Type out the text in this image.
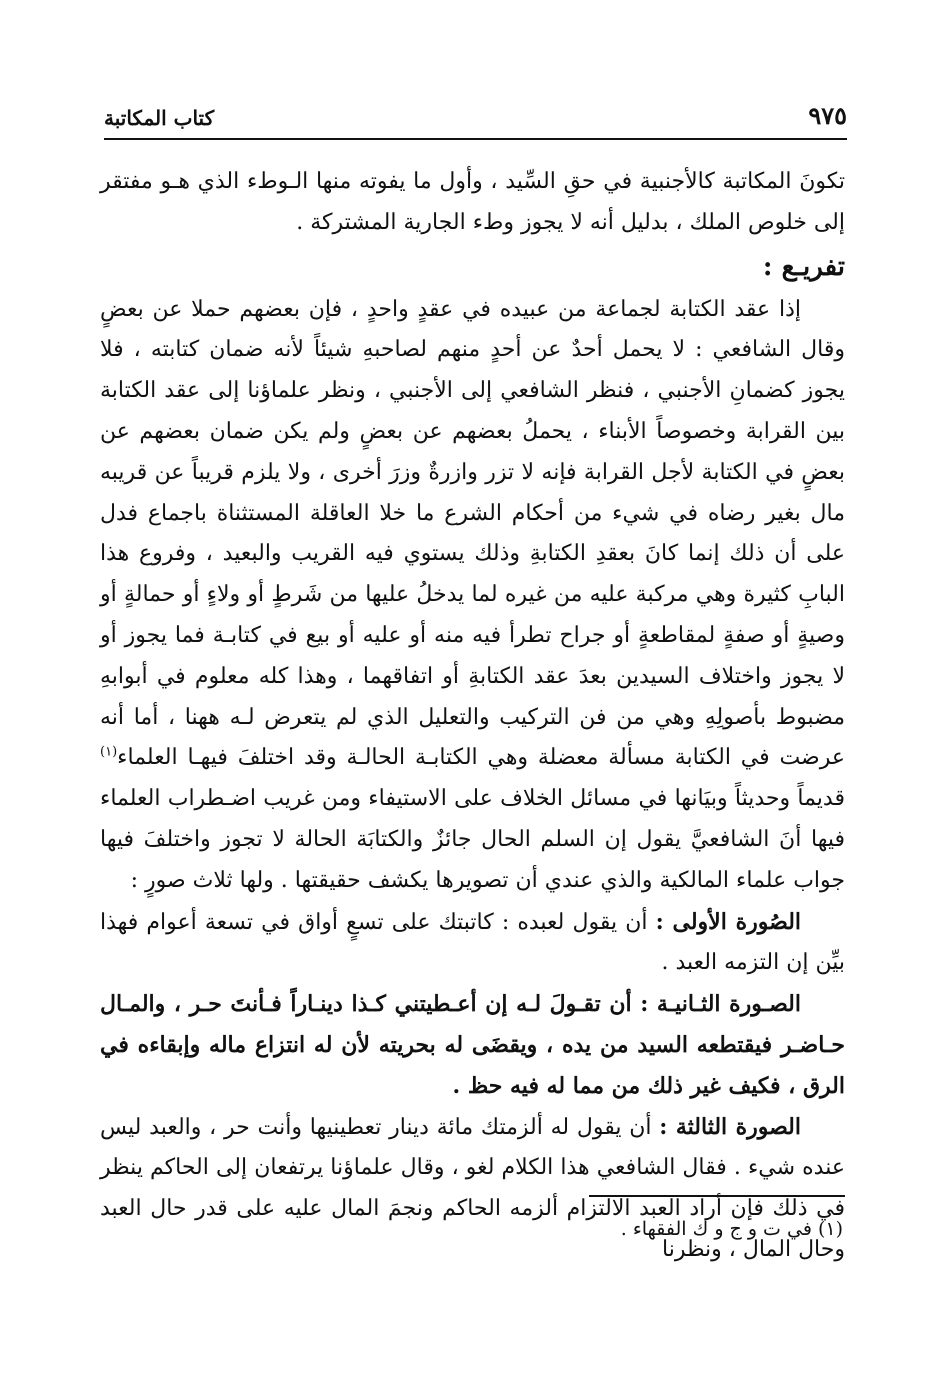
٩٧٥
كتاب المكاتبة

تكونَ المكاتبة كالأجنبية في حقِ السِّيد ، وأول ما يفوته منها الـوطء الذي هـو مفتقر إلى خلوص الملك ، بدليل أنه لا يجوز وطء الجارية المشتركة .

تفريـع :

إذا عقد الكتابة لجماعة من عبيده في عقدٍ واحدٍ ، فإن بعضهم حملا عن بعضٍ وقال الشافعي : لا يحمل أحدٌ عن أحدٍ منهم لصاحبهِ شيئاً لأنه ضمان كتابته ، فلا يجوز كضمانِ الأجنبي ، فنظر الشافعي إلى الأجنبي ، ونظر علماؤنا إلى عقد الكتابة بين القرابة وخصوصاً الأبناء ، يحملُ بعضهم عن بعضٍ ولم يكن ضمان بعضهم عن بعضٍ في الكتابة لأجل القرابة فإنه لا تزر وازرةٌ وزرَ أخرى ، ولا يلزم قريباً عن قريبه مال بغير رضاه في شيء من أحكام الشرع ما خلا العاقلة المستثناة باجماع فدل على أن ذلك إنما كانَ بعقدِ الكتابةِ وذلك يستوي فيه القريب والبعيد ، وفروع هذا البابِ كثيرة وهي مركبة عليه من غيره لما يدخلُ عليها من شَرطٍ أو ولاءٍ أو حمالةٍ أو وصيةٍ أو صفةٍ لمقاطعةٍ أو جراح تطرأ فيه منه أو عليه أو بيع في كتابـة فما يجوز أو لا يجوز واختلاف السيدين بعدَ عقد الكتابةِ أو اتفاقهما ، وهذا كله معلوم في أبوابهِ مضبوط بأصولِهِ وهي من فن التركيب والتعليل الذي لم يتعرض لـه ههنا ، أما أنه عرضت في الكتابة مسألة معضلة وهي الكتابـة الحالـة وقد اختلفَ فيهـا العلماء$^{(١)}$ قديماً وحديثاً وبيَانها في مسائل الخلاف على الاستيفاء ومن غريب اضـطراب العلماء فيها أنَ الشافعيَّ يقول إن السلم الحال جائزٌ والكتابَة الحالة لا تجوز واختلفَ فيها جواب علماء المالكية والذي عندي أن تصويرها يكشف حقيقتها . ولها ثلاث صورٍ :

الصُورة الأولى : أن يقول لعبده : كاتبتك على تسعٍ أواق في تسعة أعوام فهذا بيِّن إن التزمه العبد .

الصـورة الثـانيـة : أن تقـولَ لـه إن أعـطيتني كـذا دينـاراً فـأنتَ حـر ، والمـال حـاضـر فيقتطعه السيد من يده ، ويقضَى له بحريته لأن له انتزاع ماله وإبقاءه في الرق ، فكيف غير ذلك من مما له فيه حظ .

الصورة الثالثة : أن يقول له ألزمتك مائة دينار تعطينيها وأنت حر ، والعبد ليس عنده شيء . فقال الشافعي هذا الكلام لغو ، وقال علماؤنا يرتفعان إلى الحاكم ينظر في ذلك فإن أراد العبد الالتزام ألزمه الحاكم ونجمَ المال عليه على قدر حال العبد وحال المال ، ونظرنا

(١) في ت و ج و ك الفقهاء .
